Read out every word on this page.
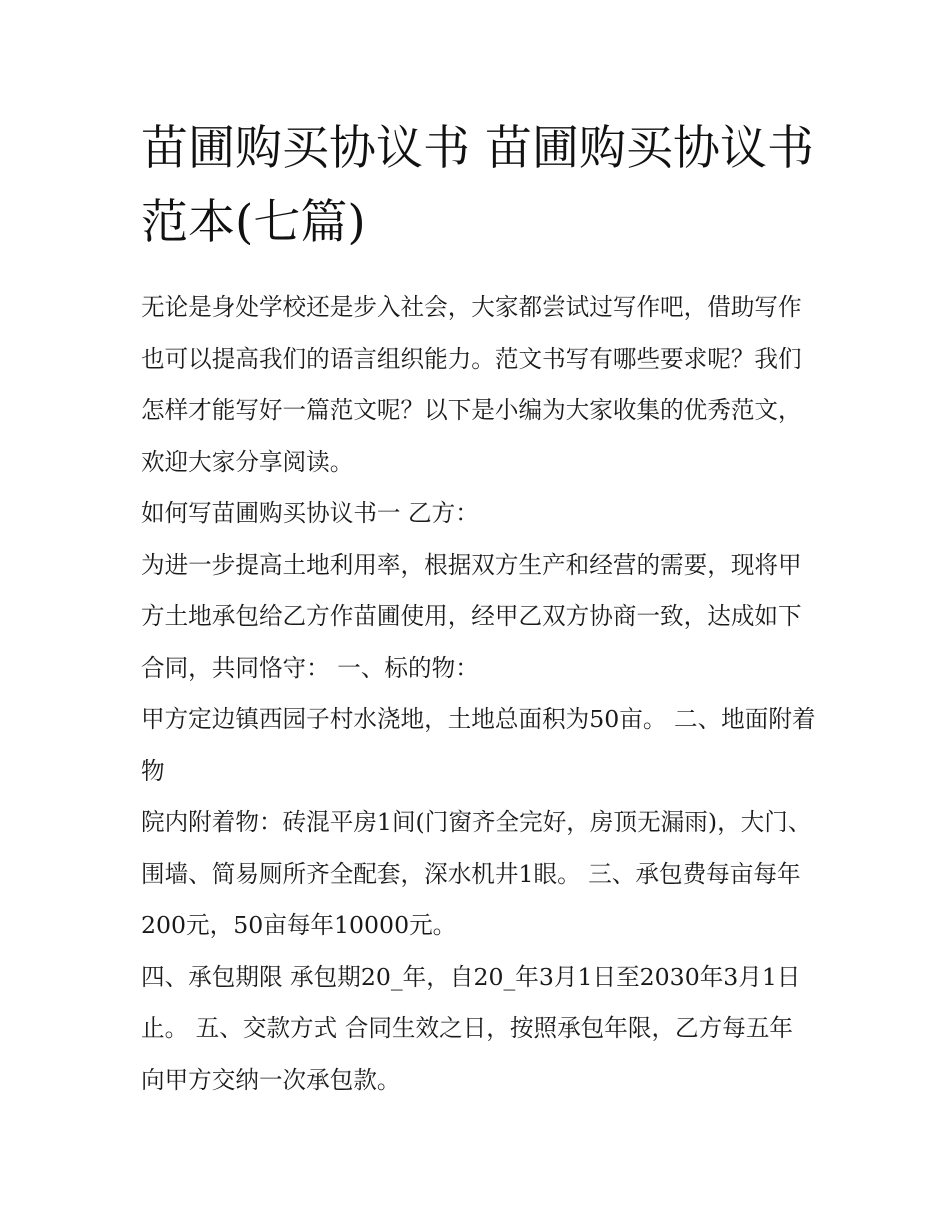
苗圃购买协议书 苗圃购买协议书范本(七篇)

无论是身处学校还是步入社会，大家都尝试过写作吧，借助写作也可以提高我们的语言组织能力。范文书写有哪些要求呢？我们怎样才能写好一篇范文呢？以下是小编为大家收集的优秀范文，欢迎大家分享阅读。

如何写苗圃购买协议书一 乙方：

为进一步提高土地利用率，根据双方生产和经营的需要，现将甲方土地承包给乙方作苗圃使用，经甲乙双方协商一致，达成如下合同，共同恪守： 一、标的物：

甲方定边镇西园子村水浇地，土地总面积为50亩。 二、地面附着物

院内附着物：砖混平房1间(门窗齐全完好，房顶无漏雨)，大门、围墙、简易厕所齐全配套，深水机井1眼。 三、承包费每亩每年200元，50亩每年10000元。

四、承包期限 承包期20_年，自20_年3月1日至2030年3月1日止。 五、交款方式 合同生效之日，按照承包年限，乙方每五年向甲方交纳一次承包款。
